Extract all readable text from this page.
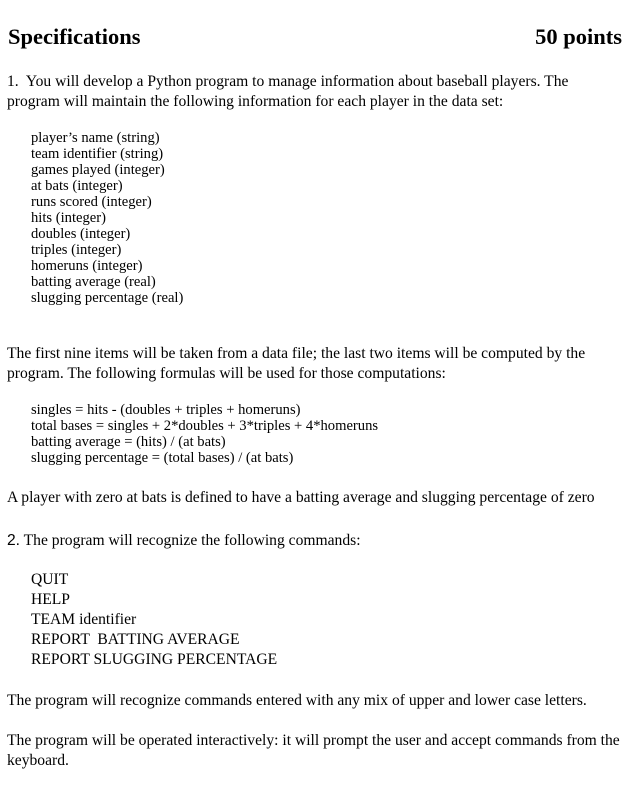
Specifications	50 points

1. You will develop a Python program to manage information about baseball players. The program will maintain the following information for each player in the data set:

player’s name (string)
team identifier (string)
games played (integer)
at bats (integer)
runs scored (integer)
hits (integer)
doubles (integer)
triples (integer)
homeruns (integer)
batting average (real)
slugging percentage (real)

The first nine items will be taken from a data file; the last two items will be computed by the program. The following formulas will be used for those computations:

singles = hits - (doubles + triples + homeruns)
total bases = singles + 2*doubles + 3*triples + 4*homeruns
batting average = (hits) / (at bats)
slugging percentage = (total bases) / (at bats)

A player with zero at bats is defined to have a batting average and slugging percentage of zero

2. The program will recognize the following commands:

QUIT
HELP
TEAM identifier
REPORT  BATTING AVERAGE
REPORT SLUGGING PERCENTAGE

The program will recognize commands entered with any mix of upper and lower case letters.

The program will be operated interactively: it will prompt the user and accept commands from the keyboard.
